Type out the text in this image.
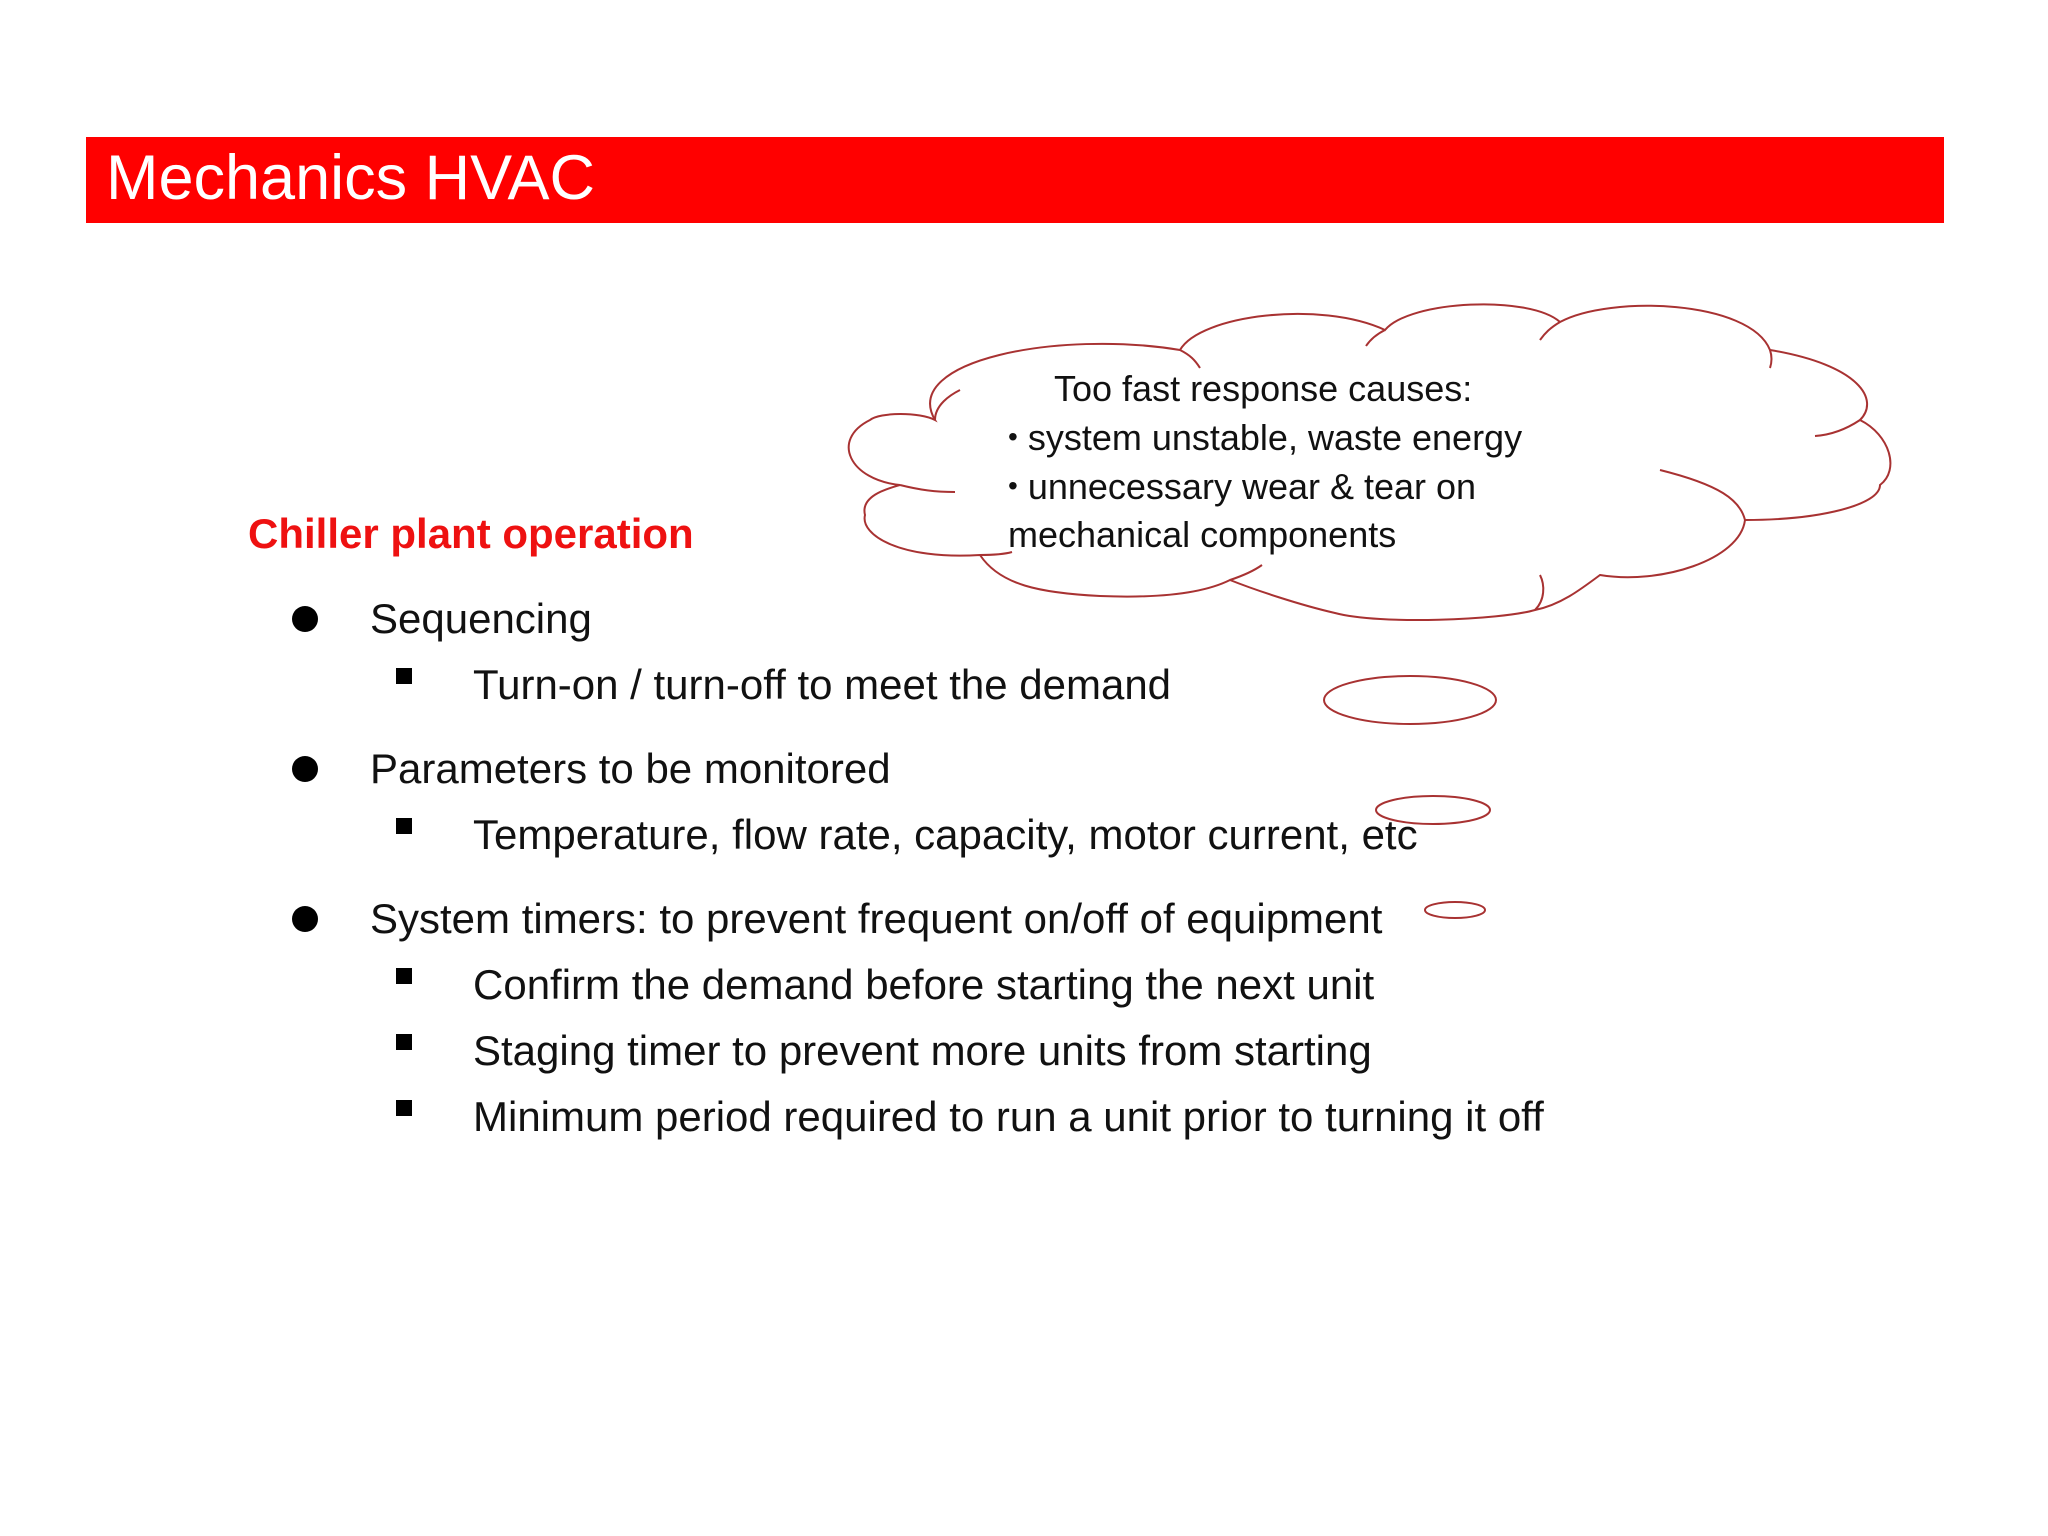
Mechanics HVAC
Too fast response causes:
• system unstable, waste energy
• unnecessary wear & tear on
mechanical components
Chiller plant operation
Sequencing
Turn-on / turn-off to meet the demand
Parameters to be monitored
Temperature, flow rate, capacity, motor current, etc
System timers: to prevent frequent on/off of equipment
Confirm the demand before starting the next unit
Staging timer to prevent more units from starting
Minimum period required to run a unit prior to turning it off
